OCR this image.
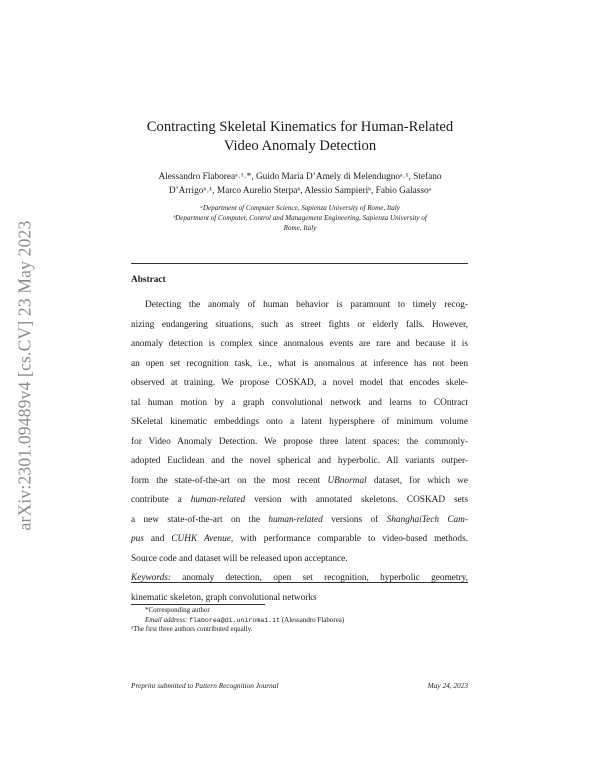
arXiv:2301.09489v4 [cs.CV] 23 May 2023
Contracting Skeletal Kinematics for Human-Related
Video Anomaly Detection
Alessandro Flaboreaᵃ˒¹˒*, Guido Maria D’Amely di Melendugnoᵃ˒¹, Stefano
D’Arrigoᵇ˒¹, Marco Aurelio Sterpaᵇ, Alessio Sampieriᵇ, Fabio Galassoᵃ
ᵃDepartment of Computer Science, Sapienza University of Rome, Italy
ᵇDepartment of Computer, Control and Management Engineering, Sapienza University of
Rome, Italy
Abstract
Detecting the anomaly of human behavior is paramount to timely recog-
nizing endangering situations, such as street fights or elderly falls. However,
anomaly detection is complex since anomalous events are rare and because it is
an open set recognition task, i.e., what is anomalous at inference has not been
observed at training. We propose COSKAD, a novel model that encodes skele-
tal human motion by a graph convolutional network and learns to COntract
SKeletal kinematic embeddings onto a latent hypersphere of minimum volume
for Video Anomaly Detection. We propose three latent spaces: the commonly-
adopted Euclidean and the novel spherical and hyperbolic. All variants outper-
form the state-of-the-art on the most recent UBnormal dataset, for which we
contribute a human-related version with annotated skeletons. COSKAD sets
a new state-of-the-art on the human-related versions of ShanghaiTech Cam-
pus and CUHK Avenue, with performance comparable to video-based methods.
Source code and dataset will be released upon acceptance.
Keywords: anomaly detection, open set recognition, hyperbolic geometry,
kinematic skeleton, graph convolutional networks
*Corresponding author
Email address: flaborea@di.uniroma1.it (Alessandro Flaborea)
¹The first three authors contributed equally.
Preprint submitted to Pattern Recognition Journal	May 24, 2023
